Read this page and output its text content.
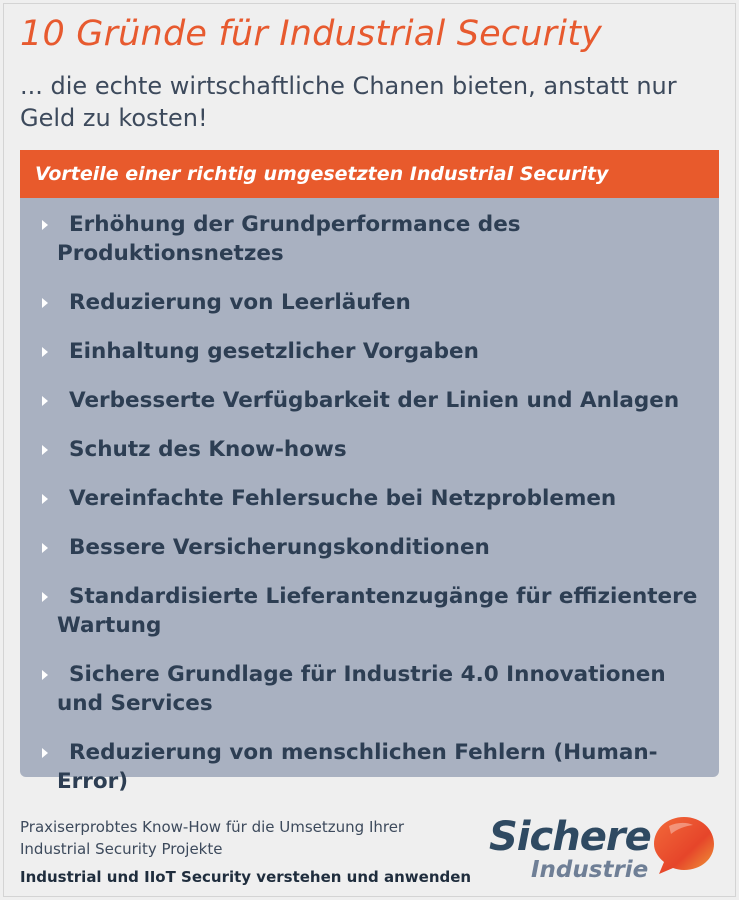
10 Gründe für Industrial Security
... die echte wirtschaftliche Chanen bieten, anstatt nur Geld zu kosten!
Vorteile einer richtig umgesetzten Industrial Security
Erhöhung der Grundperformance des Produktionsnetzes
Reduzierung von Leerläufen
Einhaltung gesetzlicher Vorgaben
Verbesserte Verfügbarkeit der Linien und Anlagen
Schutz des Know-hows
Vereinfachte Fehlersuche bei Netzproblemen
Bessere Versicherungskonditionen
Standardisierte Lieferantenzugänge für effizientere Wartung
Sichere Grundlage für Industrie 4.0 Innovationen und Services
Reduzierung von menschlichen Fehlern (Human-Error)
Praxiserprobtes Know-How für die Umsetzung Ihrer
Industrial Security Projekte
Industrial und IIoT Security verstehen und anwenden
Sichere
Industrie
